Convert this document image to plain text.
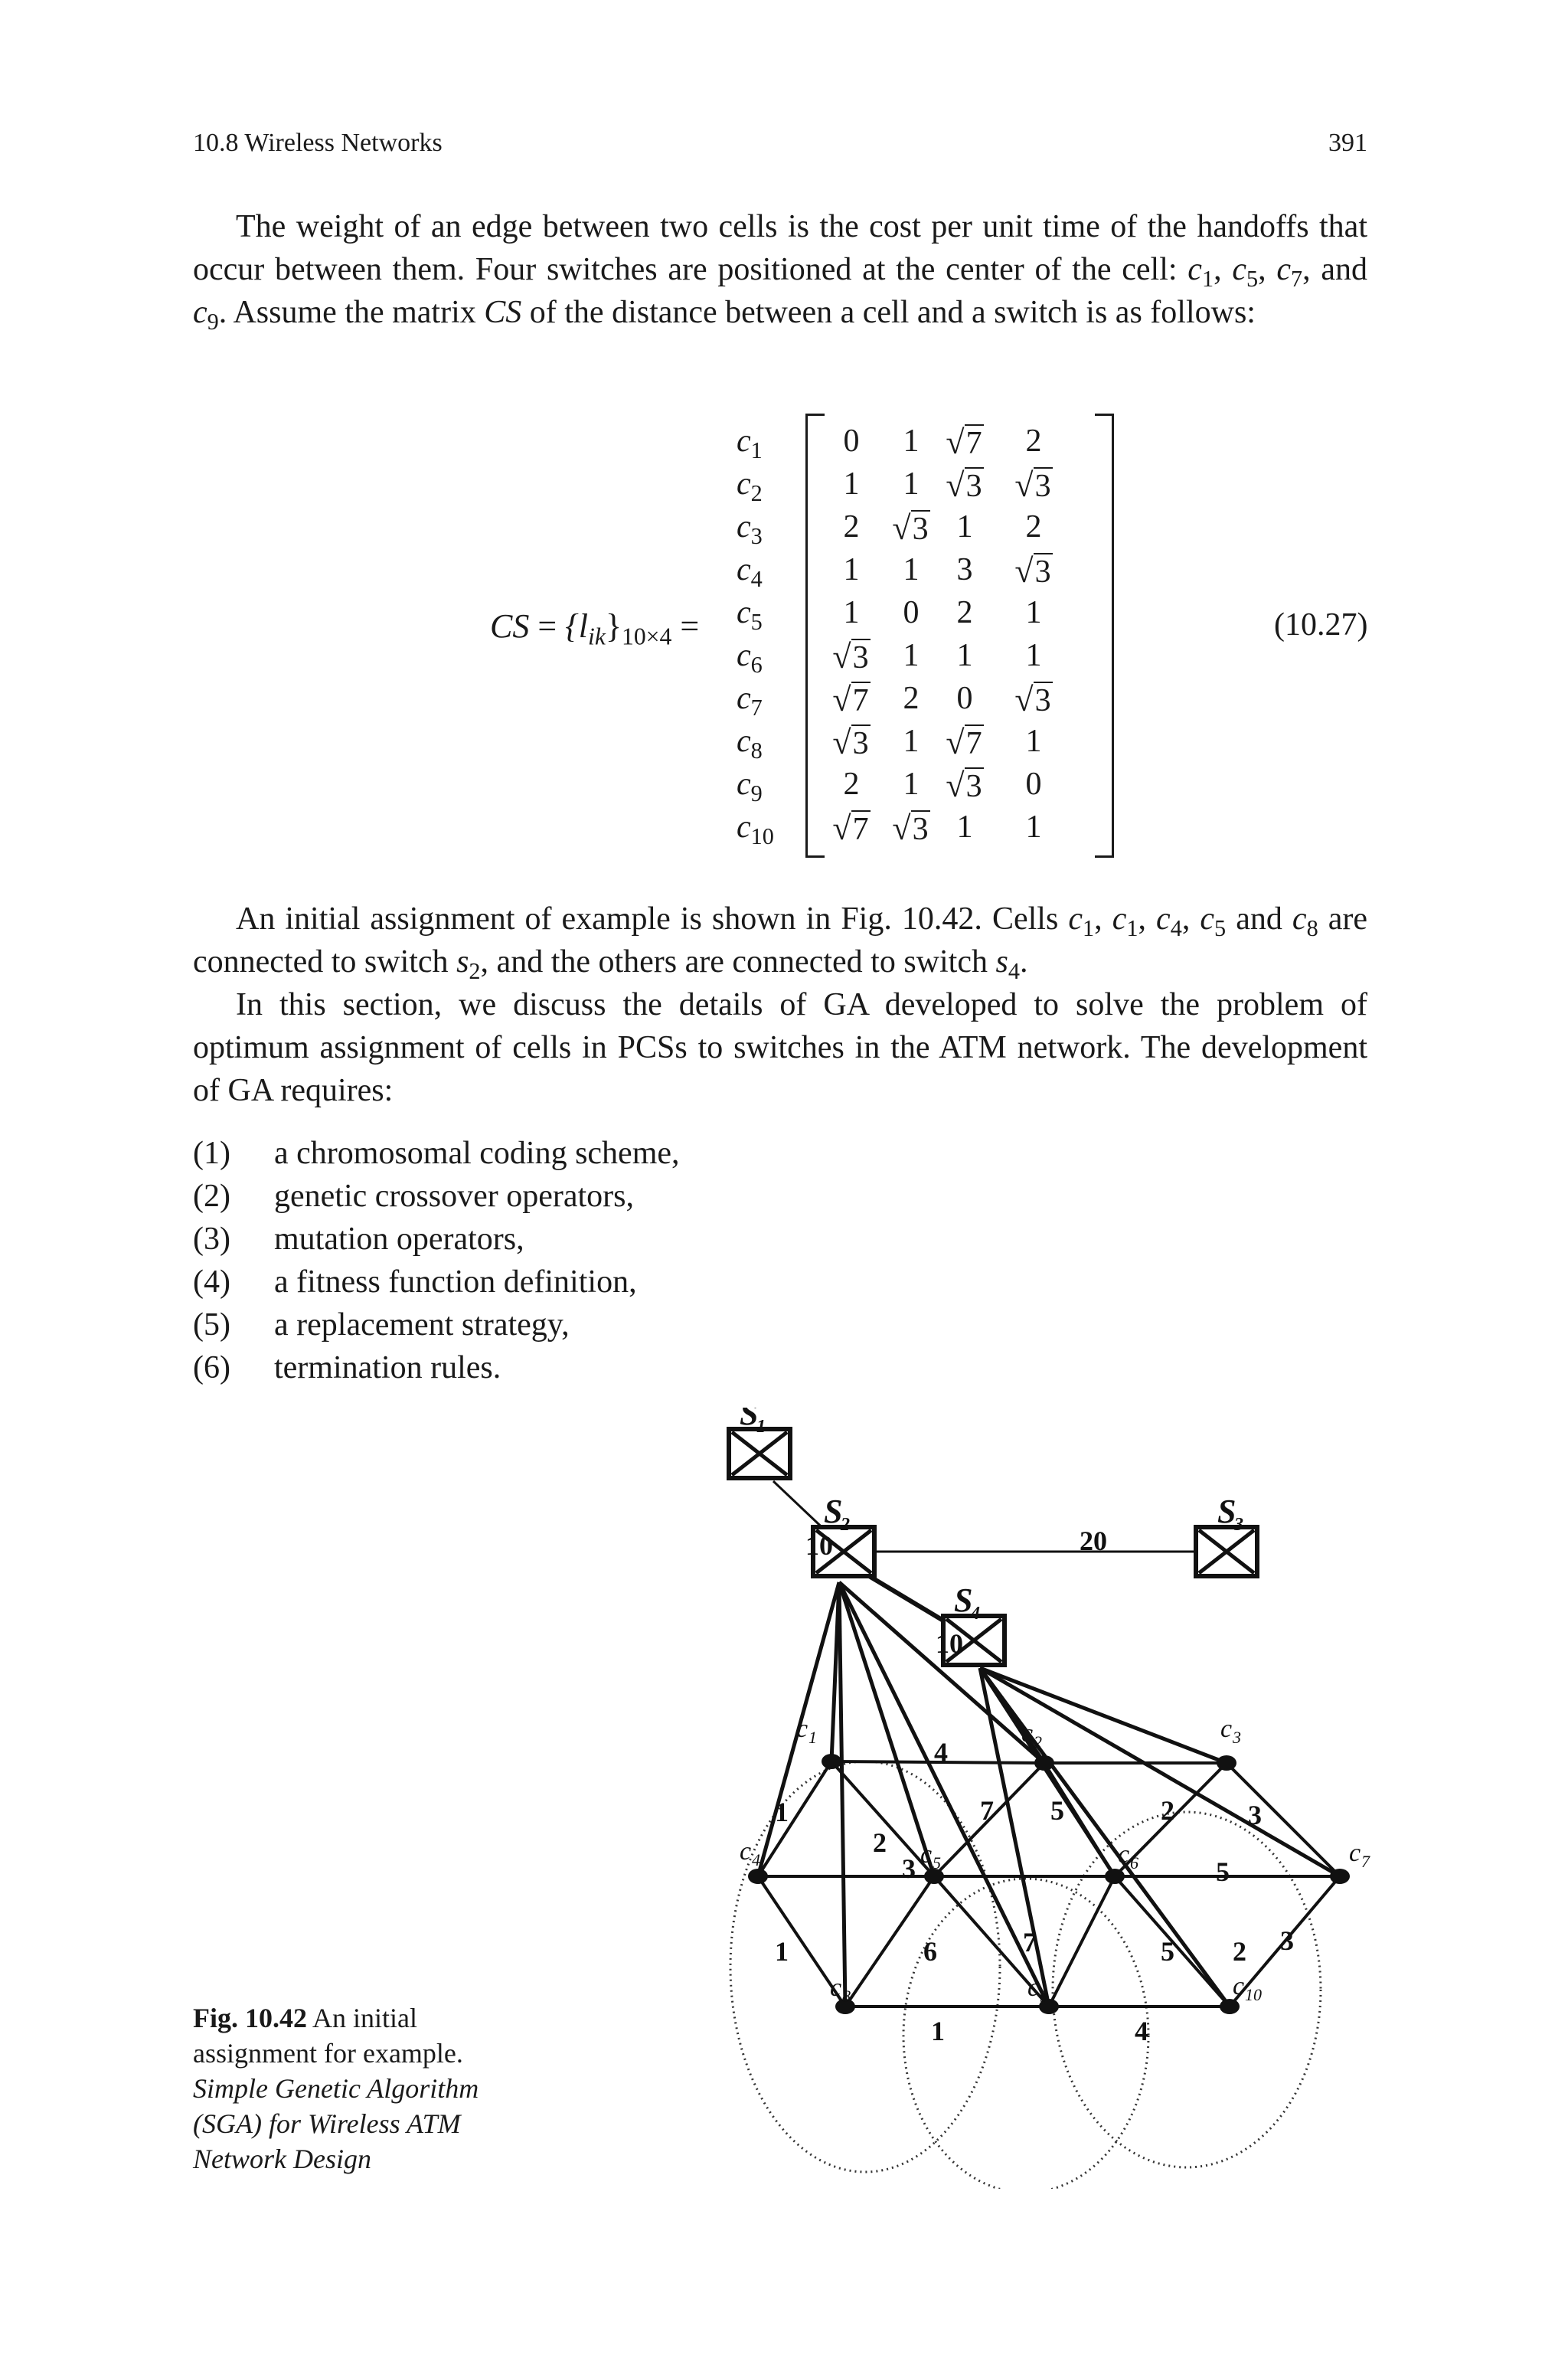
10.8 Wireless Networks	391
The weight of an edge between two cells is the cost per unit time of the handoffs that occur between them. Four switches are positioned at the center of the cell: $c_1$, $c_5$, $c_7$, and $c_9$. Assume the matrix CS of the distance between a cell and a switch is as follows:
CS = $\{l_{ik}\}_{10\times 4}$ =
$c_1$	0	1 √7	2
$c_2$	1	1 √3 √3
$c_3$	2 √3 1	2
$c_4$	1	1	3	√3
$c_5$	1	0	2	1
$c_6$	√3	1	1	1
$c_7$	√7	2	0	√3
$c_8$	√3	1 √7	1
$c_9$	2	1 √3	0
$c_{10}$	√7 √3 1	1
(10.27)
An initial assignment of example is shown in Fig. 10.42. Cells $c_1$, $c_1$, $c_4$, $c_5$ and $c_8$ are connected to switch $s_2$, and the others are connected to switch $s_4$.
In this section, we discuss the details of GA developed to solve the problem of optimum assignment of cells in PCSs to switches in the ATM network. The development of GA requires:
(1)	a chromosomal coding scheme,
(2)	genetic crossover operators,
(3)	mutation operators,
(4)	a fitness function definition,
(5)	a replacement strategy,
(6)	termination rules.
Fig. 10.42 An initial assignment for example. Simple Genetic Algorithm (SGA) for Wireless ATM Network Design
S
1
S
2	S
3
S
4
c 1	c 2	c 3
c 4	c 5	c 6	c 7
c 8	c 9	c 10
10	20
10
4
1	7
2
2	3
5
1	6	7	5 2 3
1	4
5
3
